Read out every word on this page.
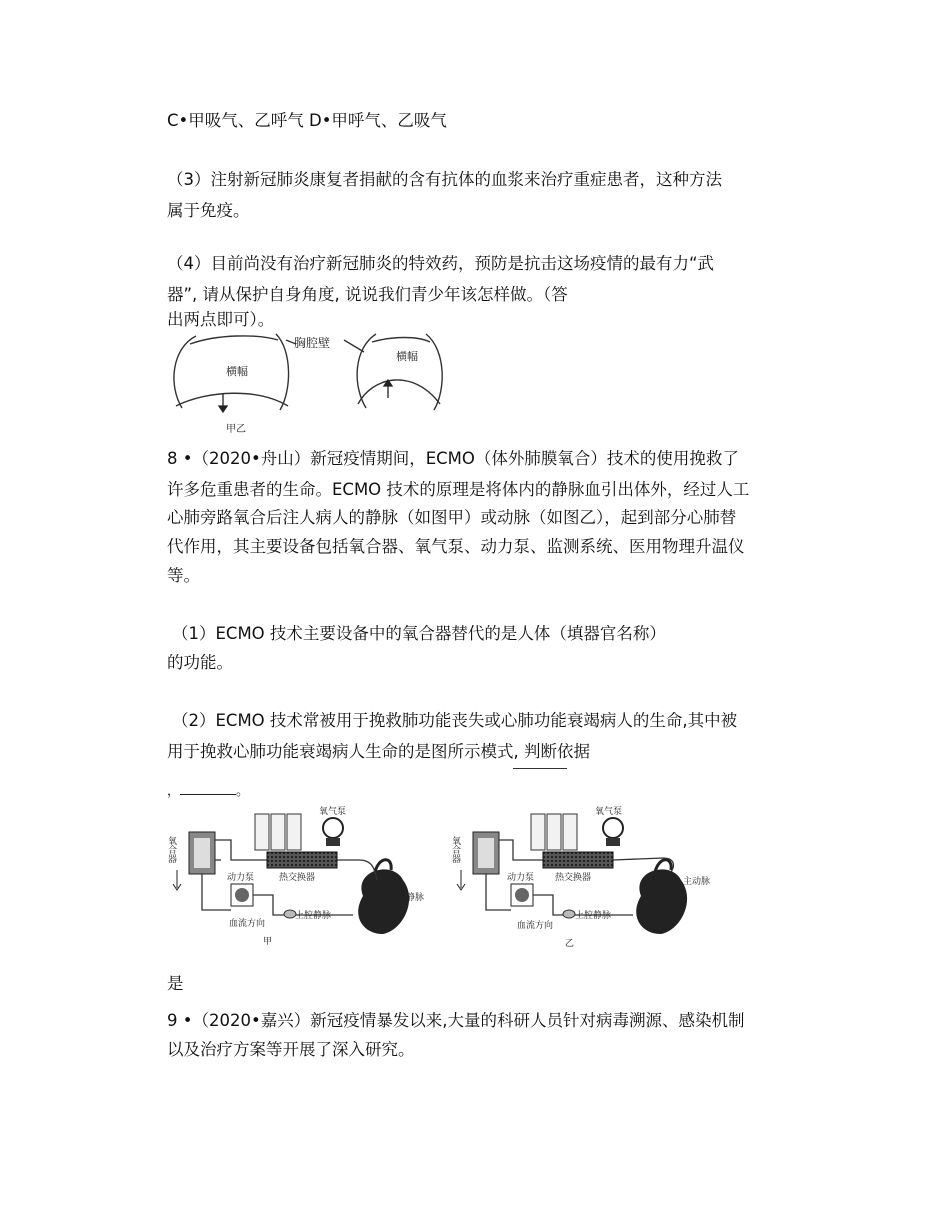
C•甲吸气、乙呼气 D•甲呼气、乙吸气
（3）注射新冠肺炎康复者捐献的含有抗体的血浆来治疗重症患者，这种方法
属于免疫。
（4）目前尚没有治疗新冠肺炎的特效药，预防是抗击这场疫情的最有力“武
器”, 请从保护自身角度, 说说我们青少年该怎样做。（答
出两点即可）。
胸腔壁
横幅
横幅
甲乙
8 •（2020•舟山）新冠疫情期间，ECMO（体外肺膜氧合）技术的使用挽救了
许多危重患者的生命。ECMO 技术的原理是将体内的静脉血引出体外，经过人工
心肺旁路氧合后注人病人的静脉（如图甲）或动脉（如图乙），起到部分心肺替
代作用，其主要设备包括氧合器、氧气泵、动力泵、监测系统、医用物理升温仪
等。
（1）ECMO 技术主要设备中的氧合器替代的是人体（填器官名称）
的功能。
（2）ECMO 技术常被用于挽救肺功能丧失或心肺功能衰竭病人的生命,其中被
用于挽救心肺功能衰竭病人生命的是图所示模式, 判断依据
，	。
氧合器
氧气泵
热交换器
动力泵
肺静脉
上腔静脉
血流方向
甲
氧合器
氧气泵
热交换器
动力泵	主动脉
上腔静脉
血流方向
乙
是
9 •（2020•嘉兴）新冠疫情暴发以来,大量的科研人员针对病毒溯源、感染机制
以及治疗方案等开展了深入研究。
